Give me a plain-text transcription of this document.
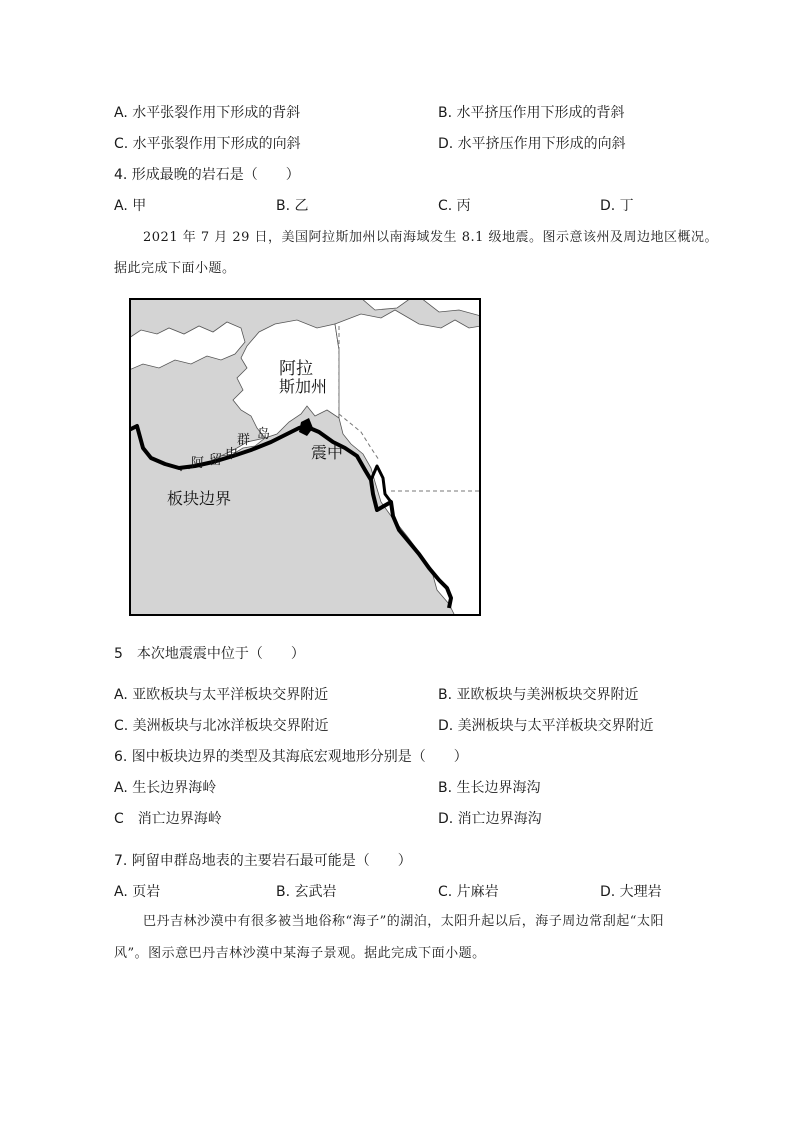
A. 水平张裂作用下形成的背斜	B. 水平挤压作用下形成的背斜
C. 水平张裂作用下形成的向斜	D. 水平挤压作用下形成的向斜
4. 形成最晚的岩石是（　　）
A. 甲	B. 乙	C. 丙	D. 丁
2021 年 7 月 29 日，美国阿拉斯加州以南海域发生 8.1 级地震。图示意该州及周边地区概况。
据此完成下面小题。
阿拉
斯加州
震中
板块边界
阿 留 申
群 岛
5　本次地震震中位于（　　）
A. 亚欧板块与太平洋板块交界附近	B. 亚欧板块与美洲板块交界附近
C. 美洲板块与北冰洋板块交界附近	D. 美洲板块与太平洋板块交界附近
6. 图中板块边界的类型及其海底宏观地形分别是（　　）
A. 生长边界海岭	B. 生长边界海沟
C　消亡边界海岭	D. 消亡边界海沟
7. 阿留申群岛地表的主要岩石最可能是（　　）
A. 页岩	B. 玄武岩	C. 片麻岩	D. 大理岩
巴丹吉林沙漠中有很多被当地俗称“海子”的湖泊，太阳升起以后，海子周边常刮起“太阳
风”。图示意巴丹吉林沙漠中某海子景观。据此完成下面小题。
